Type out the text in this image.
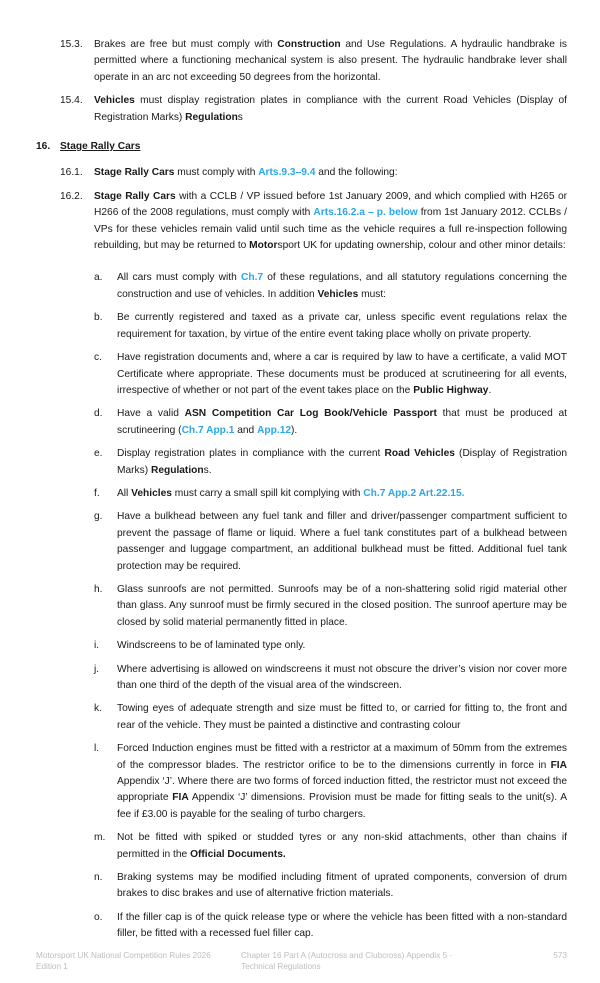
15.3. Brakes are free but must comply with Construction and Use Regulations. A hydraulic handbrake is permitted where a functioning mechanical system is also present. The hydraulic handbrake lever shall operate in an arc not exceeding 50 degrees from the horizontal.
15.4. Vehicles must display registration plates in compliance with the current Road Vehicles (Display of Registration Marks) Regulations
16. Stage Rally Cars
16.1. Stage Rally Cars must comply with Arts.9.3–9.4 and the following:
16.2. Stage Rally Cars with a CCLB / VP issued before 1st January 2009, and which complied with H265 or H266 of the 2008 regulations, must comply with Arts.16.2.a – p. below from 1st January 2012. CCLBs / VPs for these vehicles remain valid until such time as the vehicle requires a full re-inspection following rebuilding, but may be returned to Motorsport UK for updating ownership, colour and other minor details:
a. All cars must comply with Ch.7 of these regulations, and all statutory regulations concerning the construction and use of vehicles. In addition Vehicles must:
b. Be currently registered and taxed as a private car, unless specific event regulations relax the requirement for taxation, by virtue of the entire event taking place wholly on private property.
c. Have registration documents and, where a car is required by law to have a certificate, a valid MOT Certificate where appropriate. These documents must be produced at scrutineering for all events, irrespective of whether or not part of the event takes place on the Public Highway.
d. Have a valid ASN Competition Car Log Book/Vehicle Passport that must be produced at scrutineering (Ch.7 App.1 and App.12).
e. Display registration plates in compliance with the current Road Vehicles (Display of Registration Marks) Regulations.
f. All Vehicles must carry a small spill kit complying with Ch.7 App.2 Art.22.15.
g. Have a bulkhead between any fuel tank and filler and driver/passenger compartment sufficient to prevent the passage of flame or liquid. Where a fuel tank constitutes part of a bulkhead between passenger and luggage compartment, an additional bulkhead must be fitted. Additional fuel tank protection may be required.
h. Glass sunroofs are not permitted. Sunroofs may be of a non-shattering solid rigid material other than glass. Any sunroof must be firmly secured in the closed position. The sunroof aperture may be closed by solid material permanently fitted in place.
i. Windscreens to be of laminated type only.
j. Where advertising is allowed on windscreens it must not obscure the driver’s vision nor cover more than one third of the depth of the visual area of the windscreen.
k. Towing eyes of adequate strength and size must be fitted to, or carried for fitting to, the front and rear of the vehicle. They must be painted a distinctive and contrasting colour
l. Forced Induction engines must be fitted with a restrictor at a maximum of 50mm from the extremes of the compressor blades. The restrictor orifice to be to the dimensions currently in force in FIA Appendix ‘J’. Where there are two forms of forced induction fitted, the restrictor must not exceed the appropriate FIA Appendix ‘J’ dimensions. Provision must be made for fitting seals to the unit(s). A fee if £3.00 is payable for the sealing of turbo chargers.
m. Not be fitted with spiked or studded tyres or any non-skid attachments, other than chains if permitted in the Official Documents.
n. Braking systems may be modified including fitment of uprated components, conversion of drum brakes to disc brakes and use of alternative friction materials.
o. If the filler cap is of the quick release type or where the vehicle has been fitted with a non-standard filler, be fitted with a recessed fuel filler cap.
Motorsport UK National Competition Rules 2026 Edition 1
Chapter 16 Part A (Autocross and Clubcross) Appendix 5 - Technical Regulations
573
